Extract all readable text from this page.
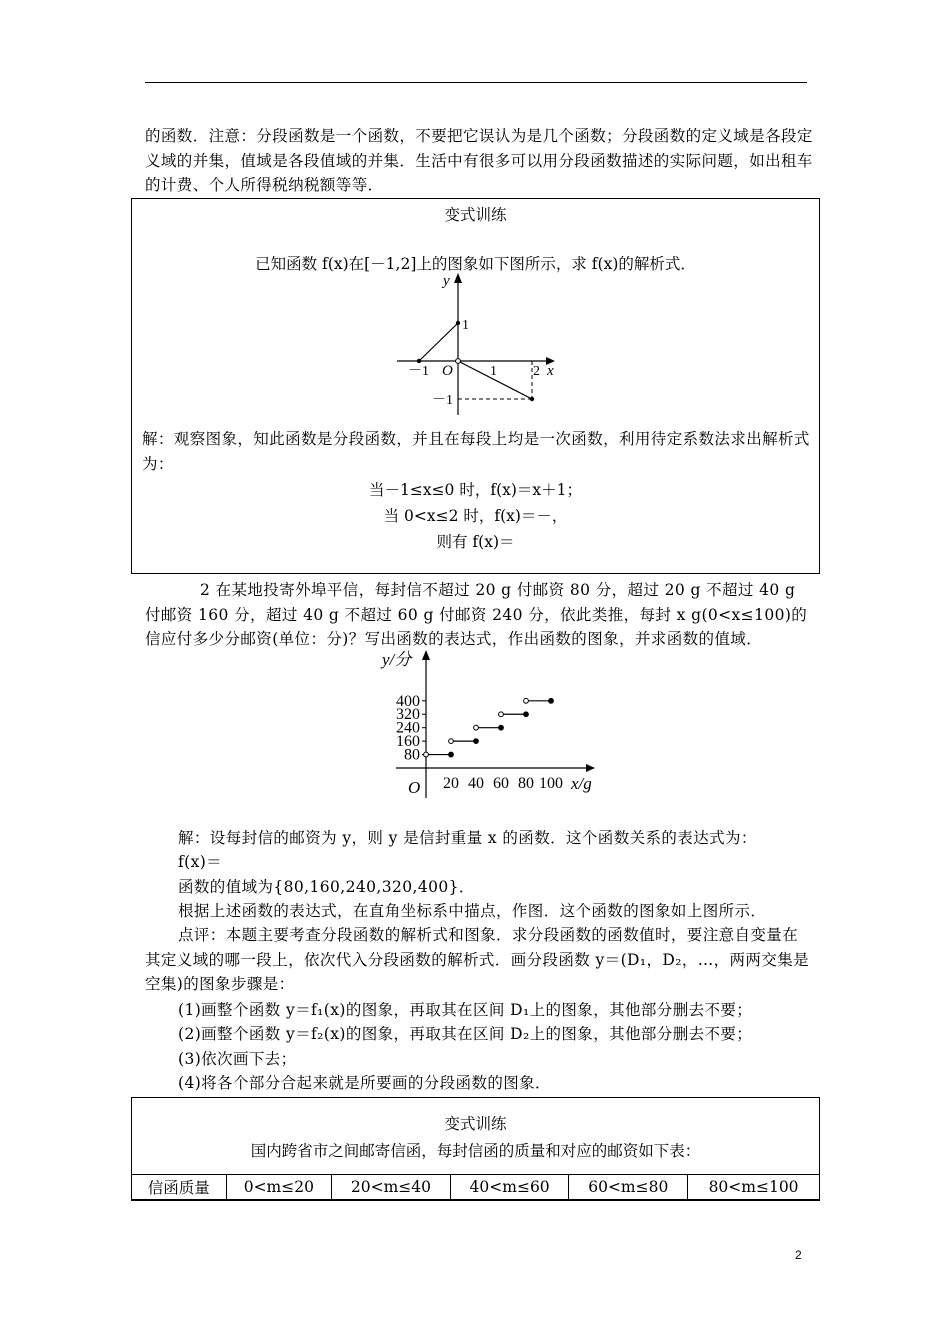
的函数．注意：分段函数是一个函数，不要把它误认为是几个函数；分段函数的定义域是各段定义域的并集，值域是各段值域的并集．生活中有很多可以用分段函数描述的实际问题，如出租车的计费、个人所得税纳税额等等．
变式训练
已知函数 f(x)在[－1,2]上的图象如下图所示，求 f(x)的解析式．
y
x
O
－1	1	2
1
－1
解：观察图象，知此函数是分段函数，并且在每段上均是一次函数，利用待定系数法求出解析式为：
当－1≤x≤0 时，f(x)＝x＋1；
当 0<x≤2 时，f(x)＝－，
则有 f(x)＝
2 在某地投寄外埠平信，每封信不超过 20 g 付邮资 80 分，超过 20 g 不超过 40 g 付邮资 160 分，超过 40 g 不超过 60 g 付邮资 240 分，依此类推，每封 x g(0<x≤100)的信应付多少分邮资(单位：分)？写出函数的表达式，作出函数的图象，并求函数的值域．
y/分
x/g
O 20 40 60 80 100
80
160
240
320
400
解：设每封信的邮资为 y，则 y 是信封重量 x 的函数．这个函数关系的表达式为：
f(x)＝
函数的值域为{80,160,240,320,400}．
根据上述函数的表达式，在直角坐标系中描点，作图．这个函数的图象如上图所示．
点评：本题主要考查分段函数的解析式和图象．求分段函数的函数值时，要注意自变量在其定义域的哪一段上，依次代入分段函数的解析式．画分段函数 y＝(D₁，D₂，…，两两交集是空集)的图象步骤是：
(1)画整个函数 y＝f₁(x)的图象，再取其在区间 D₁上的图象，其他部分删去不要；
(2)画整个函数 y＝f₂(x)的图象，再取其在区间 D₂上的图象，其他部分删去不要；
(3)依次画下去；
(4)将各个部分合起来就是所要画的分段函数的图象．
变式训练
国内跨省市之间邮寄信函，每封信函的质量和对应的邮资如下表：
信函质量	0<m≤20	20<m≤40	40<m≤60	60<m≤80	80<m≤100
2
